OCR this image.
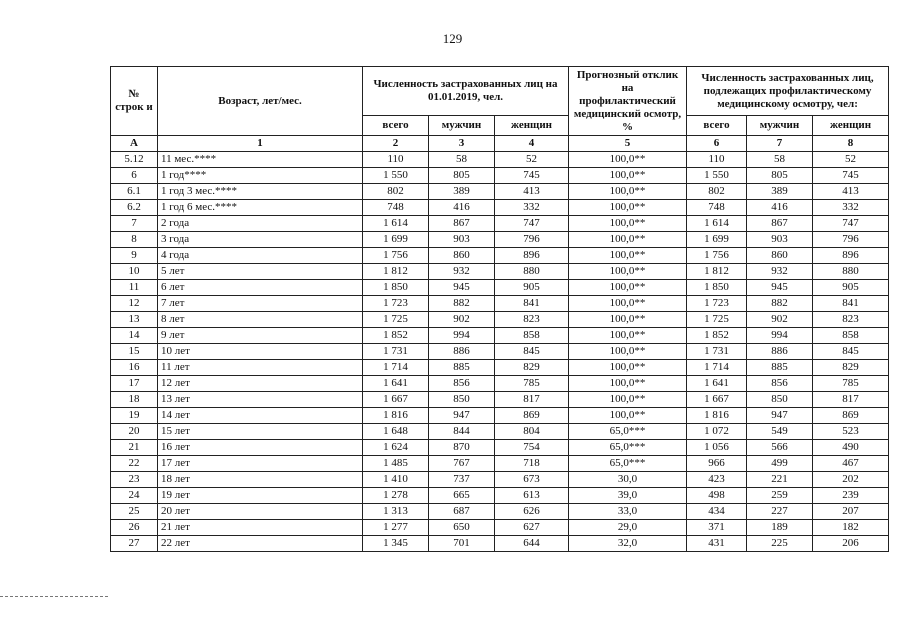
129
№ строк и	Возраст, лет/мес.	Численность застрахованных лиц на 01.01.2019, чел.			Прогнозный отклик на профилактический медицинский осмотр, %	Численность застрахованных лиц, подлежащих профилактическому медицинскому осмотру, чел:		
		всего	мужчин	женщин		всего	мужчин	женщин
А	1	2	3	4	5	6	7	8
5.12	11 мес.****	110	58	52	100,0**	110	58	52
6	1 год****	1 550	805	745	100,0**	1 550	805	745
6.1	1 год 3 мес.****	802	389	413	100,0**	802	389	413
6.2	1 год 6 мес.****	748	416	332	100,0**	748	416	332
7	2 года	1 614	867	747	100,0**	1 614	867	747
8	3 года	1 699	903	796	100,0**	1 699	903	796
9	4 года	1 756	860	896	100,0**	1 756	860	896
10	5 лет	1 812	932	880	100,0**	1 812	932	880
11	6 лет	1 850	945	905	100,0**	1 850	945	905
12	7 лет	1 723	882	841	100,0**	1 723	882	841
13	8 лет	1 725	902	823	100,0**	1 725	902	823
14	9 лет	1 852	994	858	100,0**	1 852	994	858
15	10 лет	1 731	886	845	100,0**	1 731	886	845
16	11 лет	1 714	885	829	100,0**	1 714	885	829
17	12 лет	1 641	856	785	100,0**	1 641	856	785
18	13 лет	1 667	850	817	100,0**	1 667	850	817
19	14 лет	1 816	947	869	100,0**	1 816	947	869
20	15 лет	1 648	844	804	65,0***	1 072	549	523
21	16 лет	1 624	870	754	65,0***	1 056	566	490
22	17 лет	1 485	767	718	65,0***	966	499	467
23	18 лет	1 410	737	673	30,0	423	221	202
24	19 лет	1 278	665	613	39,0	498	259	239
25	20 лет	1 313	687	626	33,0	434	227	207
26	21 лет	1 277	650	627	29,0	371	189	182
27	22 лет	1 345	701	644	32,0	431	225	206
